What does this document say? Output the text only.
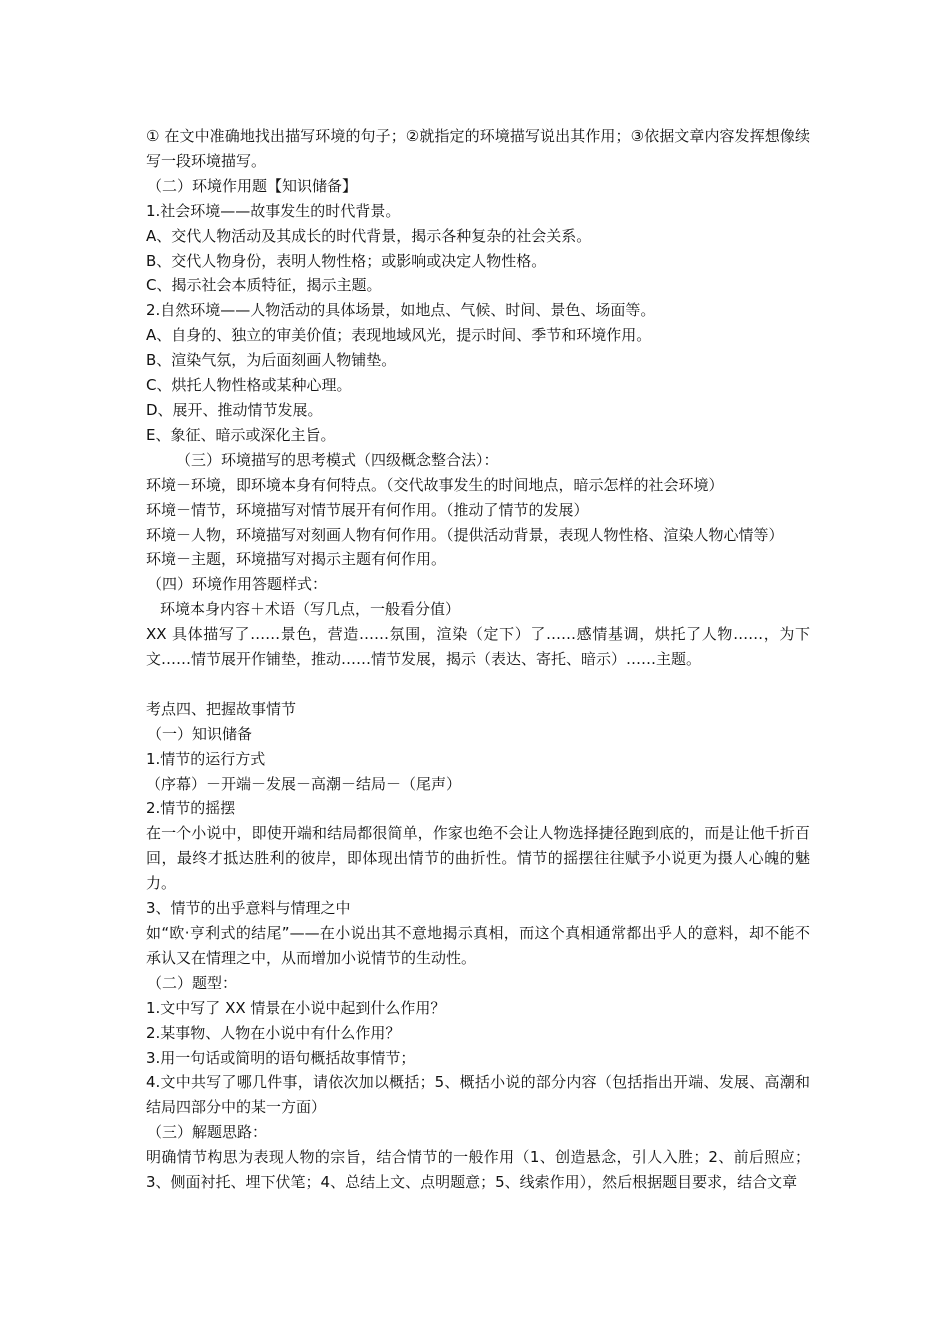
① 在文中准确地找出描写环境的句子；②就指定的环境描写说出其作用；③依据文章内容发挥想像续写一段环境描写。
（二）环境作用题【知识储备】
1.社会环境——故事发生的时代背景。
A、交代人物活动及其成长的时代背景，揭示各种复杂的社会关系。
B、交代人物身份，表明人物性格；或影响或决定人物性格。
C、揭示社会本质特征，揭示主题。
2.自然环境——人物活动的具体场景，如地点、气候、时间、景色、场面等。
A、自身的、独立的审美价值；表现地域风光，提示时间、季节和环境作用。
B、渲染气氛，为后面刻画人物铺垫。
C、烘托人物性格或某种心理。
D、展开、推动情节发展。
E、象征、暗示或深化主旨。
（三）环境描写的思考模式（四级概念整合法）：
环境－环境，即环境本身有何特点。（交代故事发生的时间地点，暗示怎样的社会环境）
环境－情节，环境描写对情节展开有何作用。（推动了情节的发展）
环境－人物，环境描写对刻画人物有何作用。（提供活动背景，表现人物性格、渲染人物心情等）
环境－主题，环境描写对揭示主题有何作用。
（四）环境作用答题样式：
环境本身内容＋术语（写几点，一般看分值）
XX 具体描写了……景色，营造……氛围，渲染（定下）了……感情基调，烘托了人物……，为下文……情节展开作铺垫，推动……情节发展，揭示（表达、寄托、暗示）……主题。
考点四、把握故事情节
（一）知识储备
1.情节的运行方式
（序幕）－开端－发展－高潮－结局－（尾声）
2.情节的摇摆
在一个小说中，即使开端和结局都很简单，作家也绝不会让人物选择捷径跑到底的，而是让他千折百回，最终才抵达胜利的彼岸，即体现出情节的曲折性。情节的摇摆往往赋予小说更为摄人心魄的魅力。
3、情节的出乎意料与情理之中
如“欧·亨利式的结尾”——在小说出其不意地揭示真相，而这个真相通常都出乎人的意料，却不能不承认又在情理之中，从而增加小说情节的生动性。
（二）题型：
1.文中写了 XX 情景在小说中起到什么作用？
2.某事物、人物在小说中有什么作用？
3.用一句话或简明的语句概括故事情节；
4.文中共写了哪几件事，请依次加以概括；5、概括小说的部分内容（包括指出开端、发展、高潮和结局四部分中的某一方面）
（三）解题思路：
明确情节构思为表现人物的宗旨，结合情节的一般作用（1、创造悬念，引人入胜；2、前后照应；3、侧面衬托、埋下伏笔；4、总结上文、点明题意；5、线索作用），然后根据题目要求，结合文章
